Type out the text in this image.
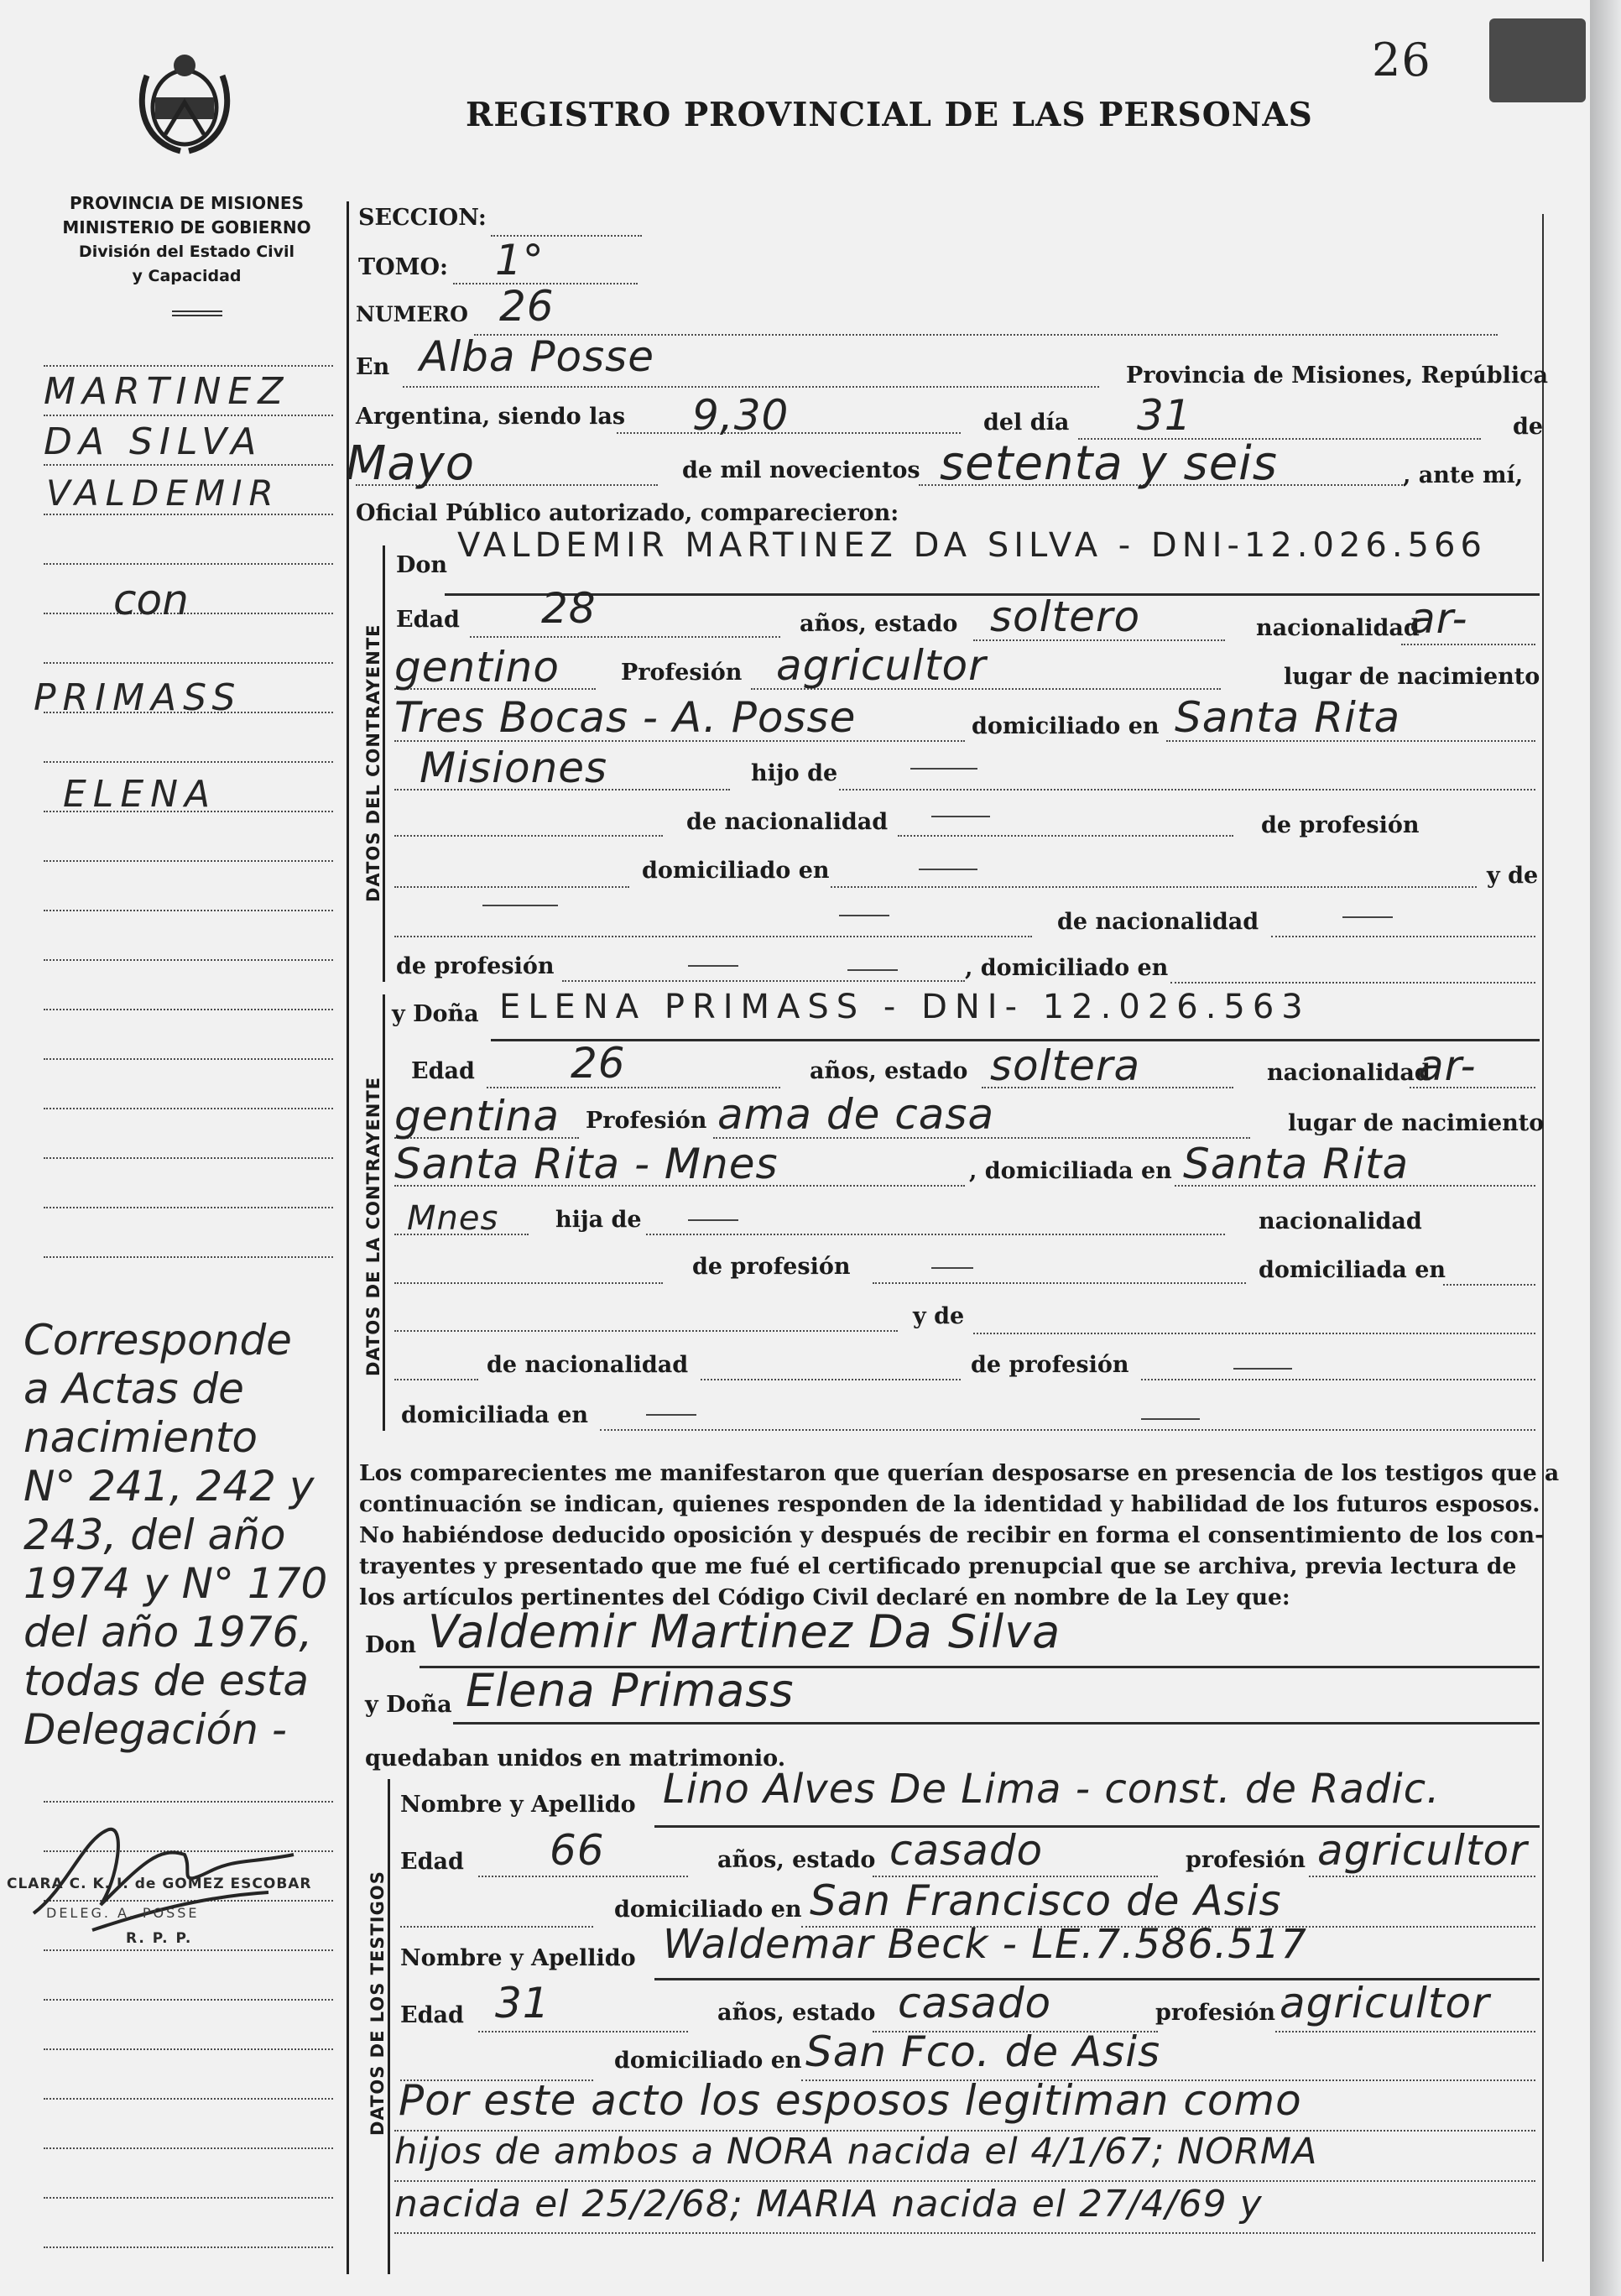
PROVINCIA DE MISIONES
MINISTERIO DE GOBIERNO
División del Estado Civil
y Capacidad
REGISTRO PROVINCIAL DE LAS PERSONAS
26
SECCION:
TOMO: 1°
NUMERO 26
En Alba Posse	Provincia de Misiones, República
Argentina, siendo las 9,30	del día 31	de
Mayo	de mil novecientos setenta y seis	, ante mí,
Oficial Público autorizado, comparecieron:
DATOS DEL CONTRAYENTE
Don
VALDEMIR MARTINEZ DA SILVA - DNI-12.026.566
Edad 28	años, estado soltero	nacionalidad
ar-
gentino	Profesión agricultor	lugar de nacimiento
Tres Bocas - A. Posse	domiciliado en Santa Rita
Misiones	hijo de
de nacionalidad	de profesión
domiciliado en	y de
de nacionalidad
de profesión	, domiciliado en
DATOS DE LA CONTRAYENTE
y Doña ELENA PRIMASS - DNI- 12.026.563
Edad 26	años, estado soltera	nacionalidad
ar-
gentina Profesión ama de casa	lugar de nacimiento
Santa Rita - Mnes	, domiciliada en Santa Rita
Mnes	hija de	nacionalidad
de profesión	domiciliada en
y de
de nacionalidad	de profesión
domiciliada en
Los comparecientes me manifestaron que querían desposarse en presencia de los testigos que a
continuación se indican, quienes responden de la identidad y habilidad de los futuros esposos.
No habiéndose deducido oposición y después de recibir en forma el consentimiento de los con-
trayentes y presentado que me fué el certificado prenupcial que se archiva, previa lectura de
los artículos pertinentes del Código Civil declaré en nombre de la Ley que:
Don Valdemir Martinez Da Silva
y Doña Elena Primass
quedaban unidos en matrimonio.
DATOS DE LOS TESTIGOS
Nombre y Apellido Lino Alves De Lima - const. de Radic.
Edad 66	años, estado casado	profesión agricultor
domiciliado en San Francisco de Asis
Nombre y Apellido Waldemar Beck - LE.7.586.517
Edad 31	años, estado casado	profesión agricultor
domiciliado en San Fco. de Asis
Por este acto los esposos legitiman como
hijos de ambos a NORA nacida el 4/1/67; NORMA
nacida el 25/2/68; MARIA nacida el 27/4/69 y
MARTINEZ
DA SILVA
VALDEMIR
con
PRIMASS
ELENA
Corresponde
a Actas de
nacimiento
N° 241, 242 y
243, del año
1974 y N° 170
del año 1976,
todas de esta
Delegación -
CLARA C. K. I. de GOMEZ ESCOBAR
DELEG. A. POSSE
R. P. P.
